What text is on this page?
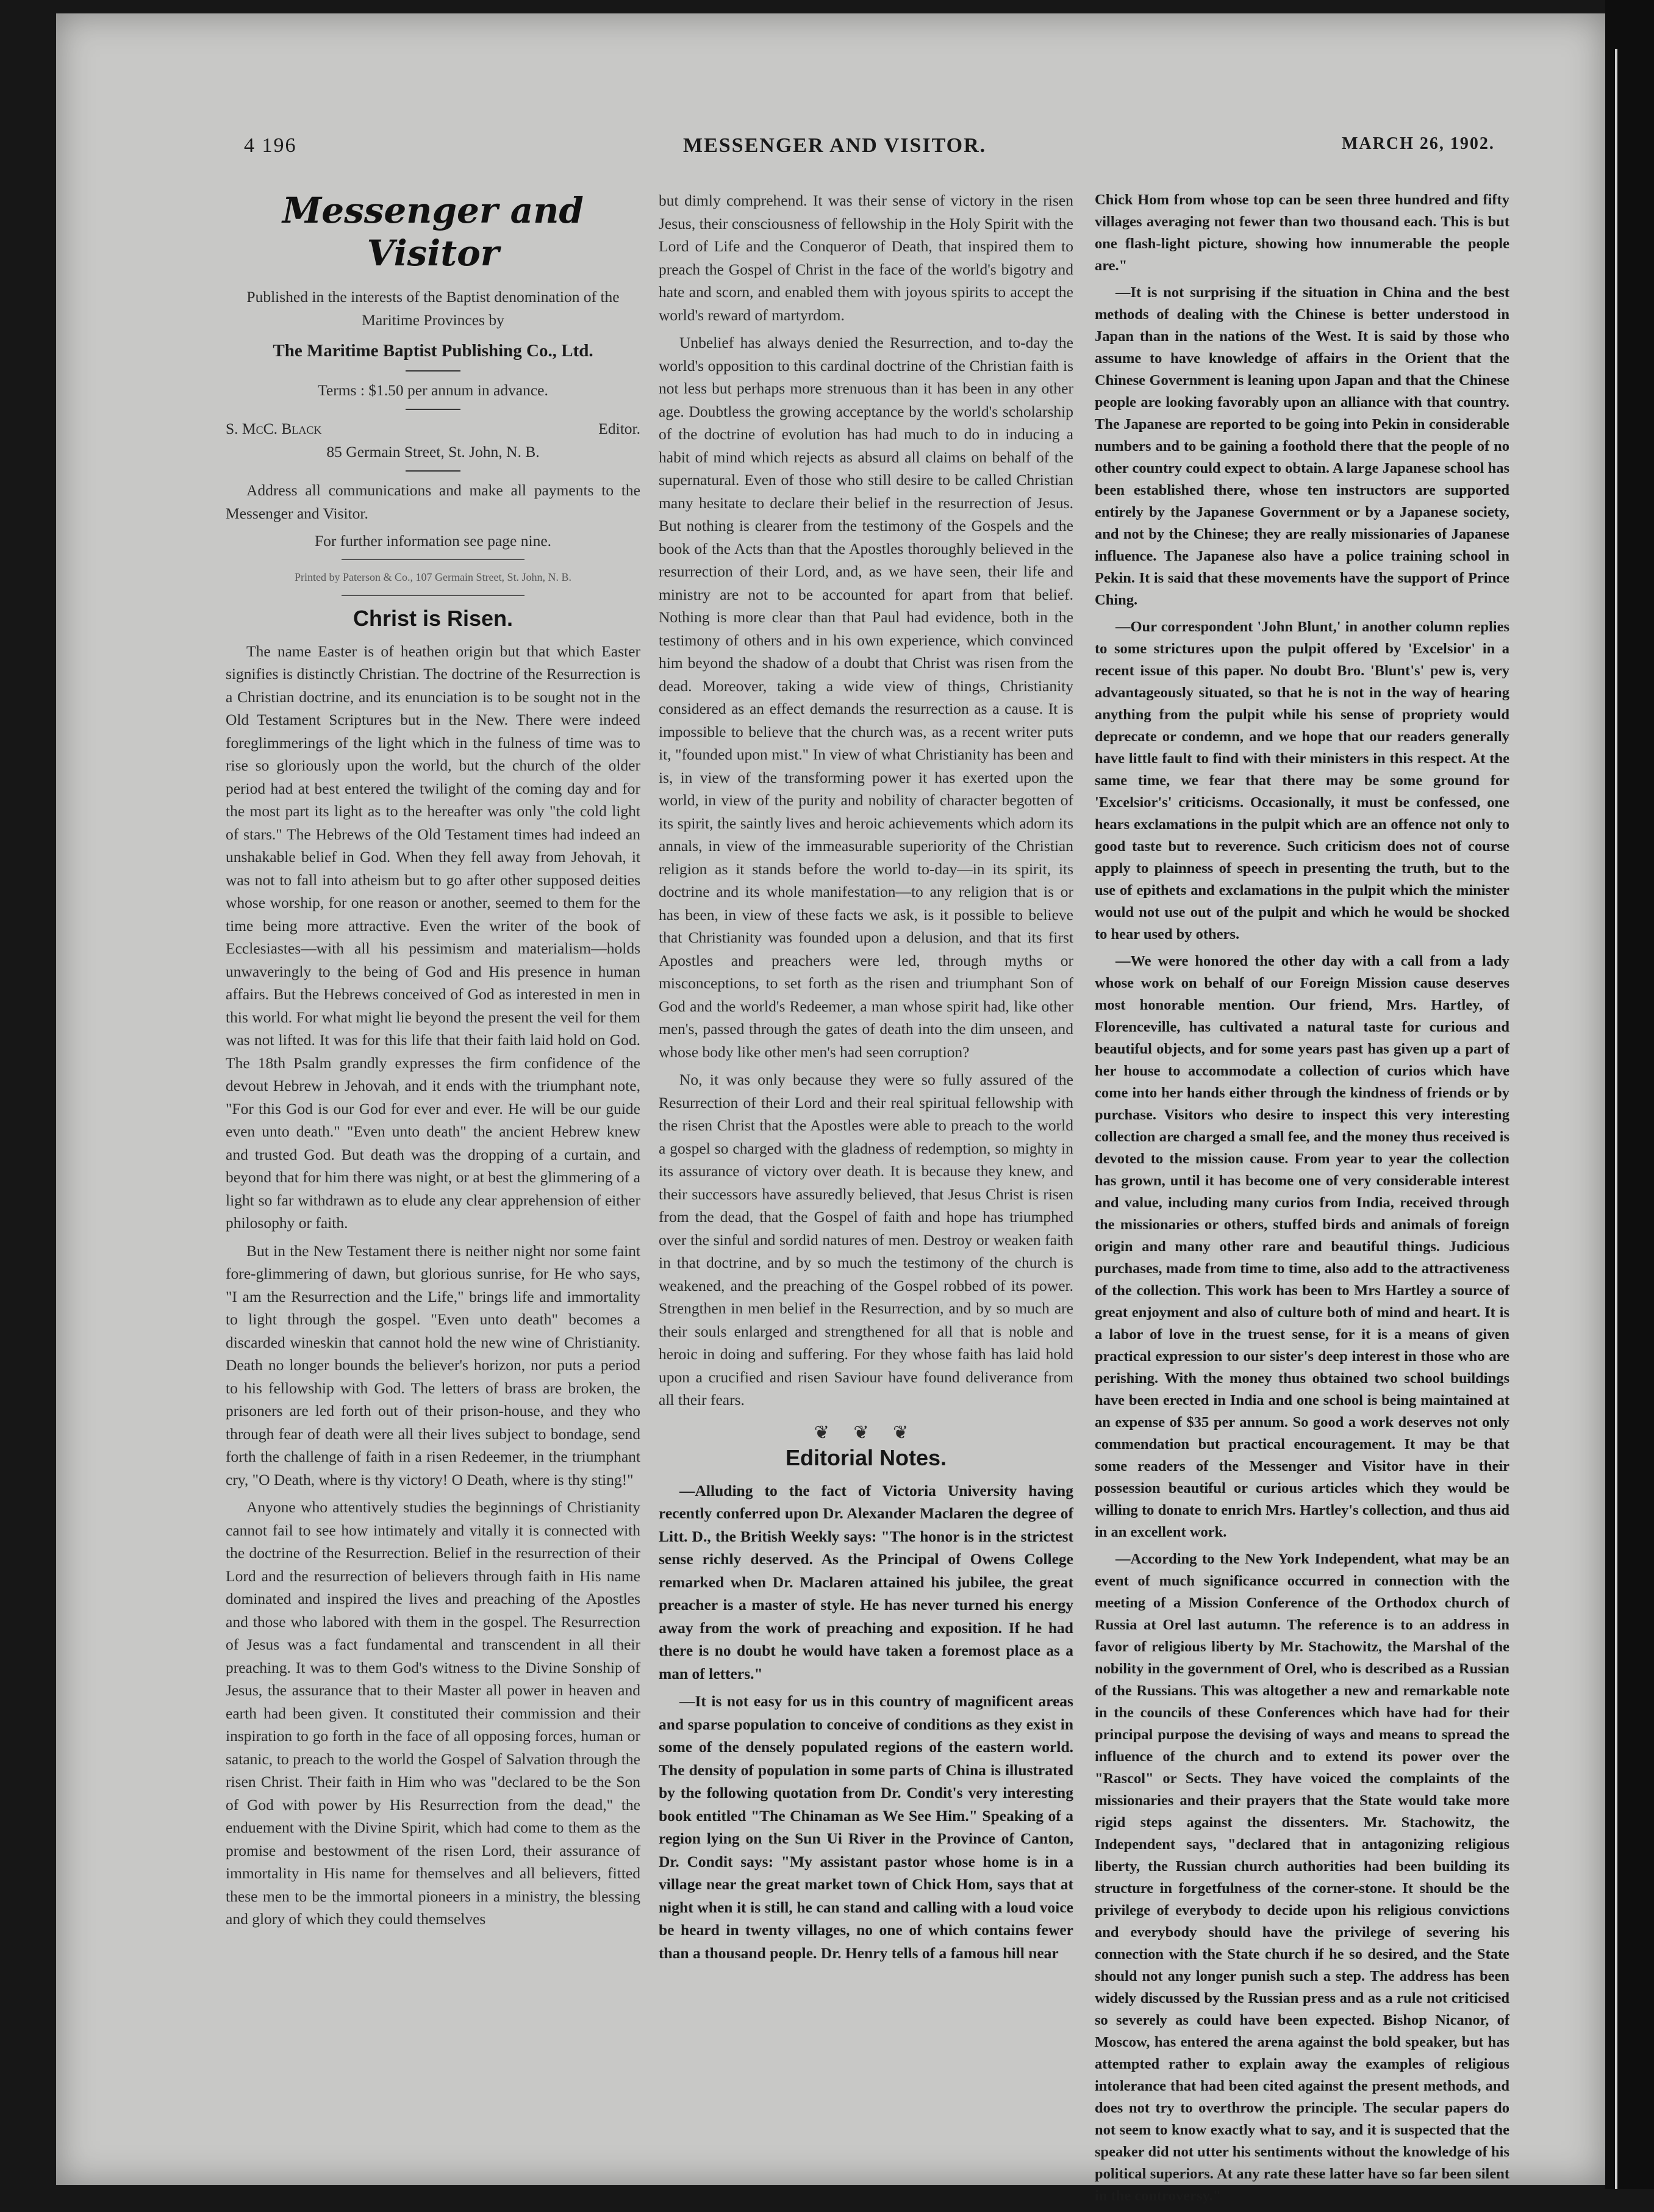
4 196	MESSENGER AND VISITOR.	MARCH 26, 1902.
Messenger and Visitor

Published in the interests of the Baptist denomination of the Maritime Provinces by

The Maritime Baptist Publishing Co., Ltd.

Terms : $1.50 per annum in advance.

S. McC. Black	Editor.

85 Germain Street, St. John, N. B.

Address all communications and make all payments to the Messenger and Visitor.

For further information see page nine.

Printed by Paterson & Co., 107 Germain Street, St. John, N. B.
Christ is Risen.

The name Easter is of heathen origin but that which Easter signifies is distinctly Christian. The doctrine of the Resurrection is a Christian doctrine, and its enunciation is to be sought not in the Old Testament Scriptures but in the New. There were indeed foreglimmerings of the light which in the fulness of time was to rise so gloriously upon the world, but the church of the older period had at best entered the twilight of the coming day and for the most part its light as to the hereafter was only "the cold light of stars." The Hebrews of the Old Testament times had indeed an unshakable belief in God. When they fell away from Jehovah, it was not to fall into atheism but to go after other supposed deities whose worship, for one reason or another, seemed to them for the time being more attractive. Even the writer of the book of Ecclesiastes—with all his pessimism and materialism—holds unwaveringly to the being of God and His presence in human affairs. But the Hebrews conceived of God as interested in men in this world. For what might lie beyond the present the veil for them was not lifted. It was for this life that their faith laid hold on God. The 18th Psalm grandly expresses the firm confidence of the devout Hebrew in Jehovah, and it ends with the triumphant note, "For this God is our God for ever and ever. He will be our guide even unto death." "Even unto death" the ancient Hebrew knew and trusted God. But death was the dropping of a curtain, and beyond that for him there was night, or at best the glimmering of a light so far withdrawn as to elude any clear apprehension of either philosophy or faith.

But in the New Testament there is neither night nor some faint fore-glimmering of dawn, but glorious sunrise, for He who says, "I am the Resurrection and the Life," brings life and immortality to light through the gospel. "Even unto death" becomes a discarded wineskin that cannot hold the new wine of Christianity. Death no longer bounds the believer's horizon, nor puts a period to his fellowship with God. The letters of brass are broken, the prisoners are led forth out of their prison-house, and they who through fear of death were all their lives subject to bondage, send forth the challenge of faith in a risen Redeemer, in the triumphant cry, "O Death, where is thy victory! O Death, where is thy sting!"

Anyone who attentively studies the beginnings of Christianity cannot fail to see how intimately and vitally it is connected with the doctrine of the Resurrection. Belief in the resurrection of their Lord and the resurrection of believers through faith in His name dominated and inspired the lives and preaching of the Apostles and those who labored with them in the gospel. The Resurrection of Jesus was a fact fundamental and transcendent in all their preaching. It was to them God's witness to the Divine Sonship of Jesus, the assurance that to their Master all power in heaven and earth had been given. It constituted their commission and their inspiration to go forth in the face of all opposing forces, human or satanic, to preach to the world the Gospel of Salvation through the risen Christ. Their faith in Him who was "declared to be the Son of God with power by His Resurrection from the dead," the enduement with the Divine Spirit, which had come to them as the promise and bestowment of the risen Lord, their assurance of immortality in His name for themselves and all believers, fitted these men to be the immortal pioneers in a ministry, the blessing and glory of which they could themselves

but dimly comprehend. It was their sense of victory in the risen Jesus, their consciousness of fellowship in the Holy Spirit with the Lord of Life and the Conqueror of Death, that inspired them to preach the Gospel of Christ in the face of the world's bigotry and hate and scorn, and enabled them with joyous spirits to accept the world's reward of martyrdom.

Unbelief has always denied the Resurrection, and to-day the world's opposition to this cardinal doctrine of the Christian faith is not less but perhaps more strenuous than it has been in any other age. Doubtless the growing acceptance by the world's scholarship of the doctrine of evolution has had much to do in inducing a habit of mind which rejects as absurd all claims on behalf of the supernatural. Even of those who still desire to be called Christian many hesitate to declare their belief in the resurrection of Jesus. But nothing is clearer from the testimony of the Gospels and the book of the Acts than that the Apostles thoroughly believed in the resurrection of their Lord, and, as we have seen, their life and ministry are not to be accounted for apart from that belief. Nothing is more clear than that Paul had evidence, both in the testimony of others and in his own experience, which convinced him beyond the shadow of a doubt that Christ was risen from the dead. Moreover, taking a wide view of things, Christianity considered as an effect demands the resurrection as a cause. It is impossible to believe that the church was, as a recent writer puts it, "founded upon mist." In view of what Christianity has been and is, in view of the transforming power it has exerted upon the world, in view of the purity and nobility of character begotten of its spirit, the saintly lives and heroic achievements which adorn its annals, in view of the immeasurable superiority of the Christian religion as it stands before the world to-day—in its spirit, its doctrine and its whole manifestation—to any religion that is or has been, in view of these facts we ask, is it possible to believe that Christianity was founded upon a delusion, and that its first Apostles and preachers were led, through myths or misconceptions, to set forth as the risen and triumphant Son of God and the world's Redeemer, a man whose spirit had, like other men's, passed through the gates of death into the dim unseen, and whose body like other men's had seen corruption?

No, it was only because they were so fully assured of the Resurrection of their Lord and their real spiritual fellowship with the risen Christ that the Apostles were able to preach to the world a gospel so charged with the gladness of redemption, so mighty in its assurance of victory over death. It is because they knew, and their successors have assuredly believed, that Jesus Christ is risen from the dead, that the Gospel of faith and hope has triumphed over the sinful and sordid natures of men. Destroy or weaken faith in that doctrine, and by so much the testimony of the church is weakened, and the preaching of the Gospel robbed of its power. Strengthen in men belief in the Resurrection, and by so much are their souls enlarged and strengthened for all that is noble and heroic in doing and suffering. For they whose faith has laid hold upon a crucified and risen Saviour have found deliverance from all their fears.

❦ ❦ ❦
Editorial Notes.

—Alluding to the fact of Victoria University having recently conferred upon Dr. Alexander Maclaren the degree of Litt. D., the British Weekly says: "The honor is in the strictest sense richly deserved. As the Principal of Owens College remarked when Dr. Maclaren attained his jubilee, the great preacher is a master of style. He has never turned his energy away from the work of preaching and exposition. If he had there is no doubt he would have taken a foremost place as a man of letters."

—It is not easy for us in this country of magnificent areas and sparse population to conceive of conditions as they exist in some of the densely populated regions of the eastern world. The density of population in some parts of China is illustrated by the following quotation from Dr. Condit's very interesting book entitled "The Chinaman as We See Him." Speaking of a region lying on the Sun Ui River in the Province of Canton, Dr. Condit says: "My assistant pastor whose home is in a village near the great market town of Chick Hom, says that at night when it is still, he can stand and calling with a loud voice be heard in twenty villages, no one of which contains fewer than a thousand people. Dr. Henry tells of a famous hill near

Chick Hom from whose top can be seen three hundred and fifty villages averaging not fewer than two thousand each. This is but one flash-light picture, showing how innumerable the people are."

—It is not surprising if the situation in China and the best methods of dealing with the Chinese is better understood in Japan than in the nations of the West. It is said by those who assume to have knowledge of affairs in the Orient that the Chinese Government is leaning upon Japan and that the Chinese people are looking favorably upon an alliance with that country. The Japanese are reported to be going into Pekin in considerable numbers and to be gaining a foothold there that the people of no other country could expect to obtain. A large Japanese school has been established there, whose ten instructors are supported entirely by the Japanese Government or by a Japanese society, and not by the Chinese; they are really missionaries of Japanese influence. The Japanese also have a police training school in Pekin. It is said that these movements have the support of Prince Ching.

—Our correspondent 'John Blunt,' in another column replies to some strictures upon the pulpit offered by 'Excelsior' in a recent issue of this paper. No doubt Bro. 'Blunt's' pew is, very advantageously situated, so that he is not in the way of hearing anything from the pulpit while his sense of propriety would deprecate or condemn, and we hope that our readers generally have little fault to find with their ministers in this respect. At the same time, we fear that there may be some ground for 'Excelsior's' criticisms. Occasionally, it must be confessed, one hears exclamations in the pulpit which are an offence not only to good taste but to reverence. Such criticism does not of course apply to plainness of speech in presenting the truth, but to the use of epithets and exclamations in the pulpit which the minister would not use out of the pulpit and which he would be shocked to hear used by others.

—We were honored the other day with a call from a lady whose work on behalf of our Foreign Mission cause deserves most honorable mention. Our friend, Mrs. Hartley, of Florenceville, has cultivated a natural taste for curious and beautiful objects, and for some years past has given up a part of her house to accommodate a collection of curios which have come into her hands either through the kindness of friends or by purchase. Visitors who desire to inspect this very interesting collection are charged a small fee, and the money thus received is devoted to the mission cause. From year to year the collection has grown, until it has become one of very considerable interest and value, including many curios from India, received through the missionaries or others, stuffed birds and animals of foreign origin and many other rare and beautiful things. Judicious purchases, made from time to time, also add to the attractiveness of the collection. This work has been to Mrs Hartley a source of great enjoyment and also of culture both of mind and heart. It is a labor of love in the truest sense, for it is a means of given practical expression to our sister's deep interest in those who are perishing. With the money thus obtained two school buildings have been erected in India and one school is being maintained at an expense of $35 per annum. So good a work deserves not only commendation but practical encouragement. It may be that some readers of the Messenger and Visitor have in their possession beautiful or curious articles which they would be willing to donate to enrich Mrs. Hartley's collection, and thus aid in an excellent work.

—According to the New York Independent, what may be an event of much significance occurred in connection with the meeting of a Mission Conference of the Orthodox church of Russia at Orel last autumn. The reference is to an address in favor of religious liberty by Mr. Stachowitz, the Marshal of the nobility in the government of Orel, who is described as a Russian of the Russians. This was altogether a new and remarkable note in the councils of these Conferences which have had for their principal purpose the devising of ways and means to spread the influence of the church and to extend its power over the "Rascol" or Sects. They have voiced the complaints of the missionaries and their prayers that the State would take more rigid steps against the dissenters. Mr. Stachowitz, the Independent says, "declared that in antagonizing religious liberty, the Russian church authorities had been building its structure in forgetfulness of the corner-stone. It should be the privilege of everybody to decide upon his religious convictions and everybody should have the privilege of severing his connection with the State church if he so desired, and the State should not any longer punish such a step. The address has been widely discussed by the Russian press and as a rule not criticised so severely as could have been expected. Bishop Nicanor, of Moscow, has entered the arena against the bold speaker, but has attempted rather to explain away the examples of religious intolerance that had been cited against the present methods, and does not try to overthrow the principle. The secular papers do not seem to know exactly what to say, and it is suspected that the speaker did not utter his sentiments without the knowledge of his political superiors. At any rate these latter have so far been silent in the controversy."
